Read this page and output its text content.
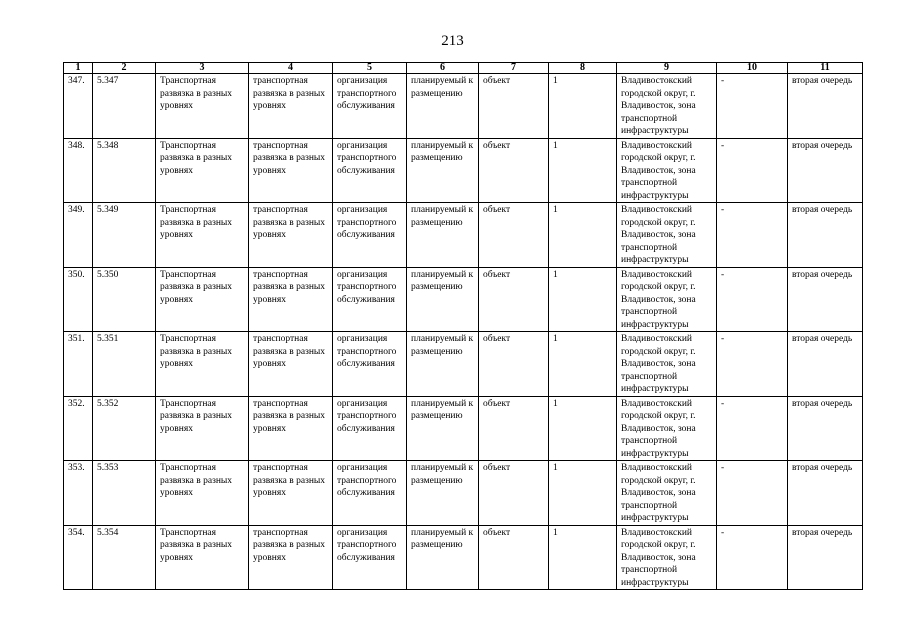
213
1	2	3	4	5	6	7	8	9	10	11
347.	5.347	Транспортная развязка в разных уровнях	транспортная развязка в разных уровнях	организация транспортного обслуживания	планируемый к размещению	объект	1	Владивостокский городской округ, г. Владивосток, зона транспортной инфраструктуры	-	вторая очередь
348.	5.348	Транспортная развязка в разных уровнях	транспортная развязка в разных уровнях	организация транспортного обслуживания	планируемый к размещению	объект	1	Владивостокский городской округ, г. Владивосток, зона транспортной инфраструктуры	-	вторая очередь
349.	5.349	Транспортная развязка в разных уровнях	транспортная развязка в разных уровнях	организация транспортного обслуживания	планируемый к размещению	объект	1	Владивостокский городской округ, г. Владивосток, зона транспортной инфраструктуры	-	вторая очередь
350.	5.350	Транспортная развязка в разных уровнях	транспортная развязка в разных уровнях	организация транспортного обслуживания	планируемый к размещению	объект	1	Владивостокский городской округ, г. Владивосток, зона транспортной инфраструктуры	-	вторая очередь
351.	5.351	Транспортная развязка в разных уровнях	транспортная развязка в разных уровнях	организация транспортного обслуживания	планируемый к размещению	объект	1	Владивостокский городской округ, г. Владивосток, зона транспортной инфраструктуры	-	вторая очередь
352.	5.352	Транспортная развязка в разных уровнях	транспортная развязка в разных уровнях	организация транспортного обслуживания	планируемый к размещению	объект	1	Владивостокский городской округ, г. Владивосток, зона транспортной инфраструктуры	-	вторая очередь
353.	5.353	Транспортная развязка в разных уровнях	транспортная развязка в разных уровнях	организация транспортного обслуживания	планируемый к размещению	объект	1	Владивостокский городской округ, г. Владивосток, зона транспортной инфраструктуры	-	вторая очередь
354.	5.354	Транспортная развязка в разных уровнях	транспортная развязка в разных уровнях	организация транспортного обслуживания	планируемый к размещению	объект	1	Владивостокский городской округ, г. Владивосток, зона транспортной инфраструктуры	-	вторая очередь
